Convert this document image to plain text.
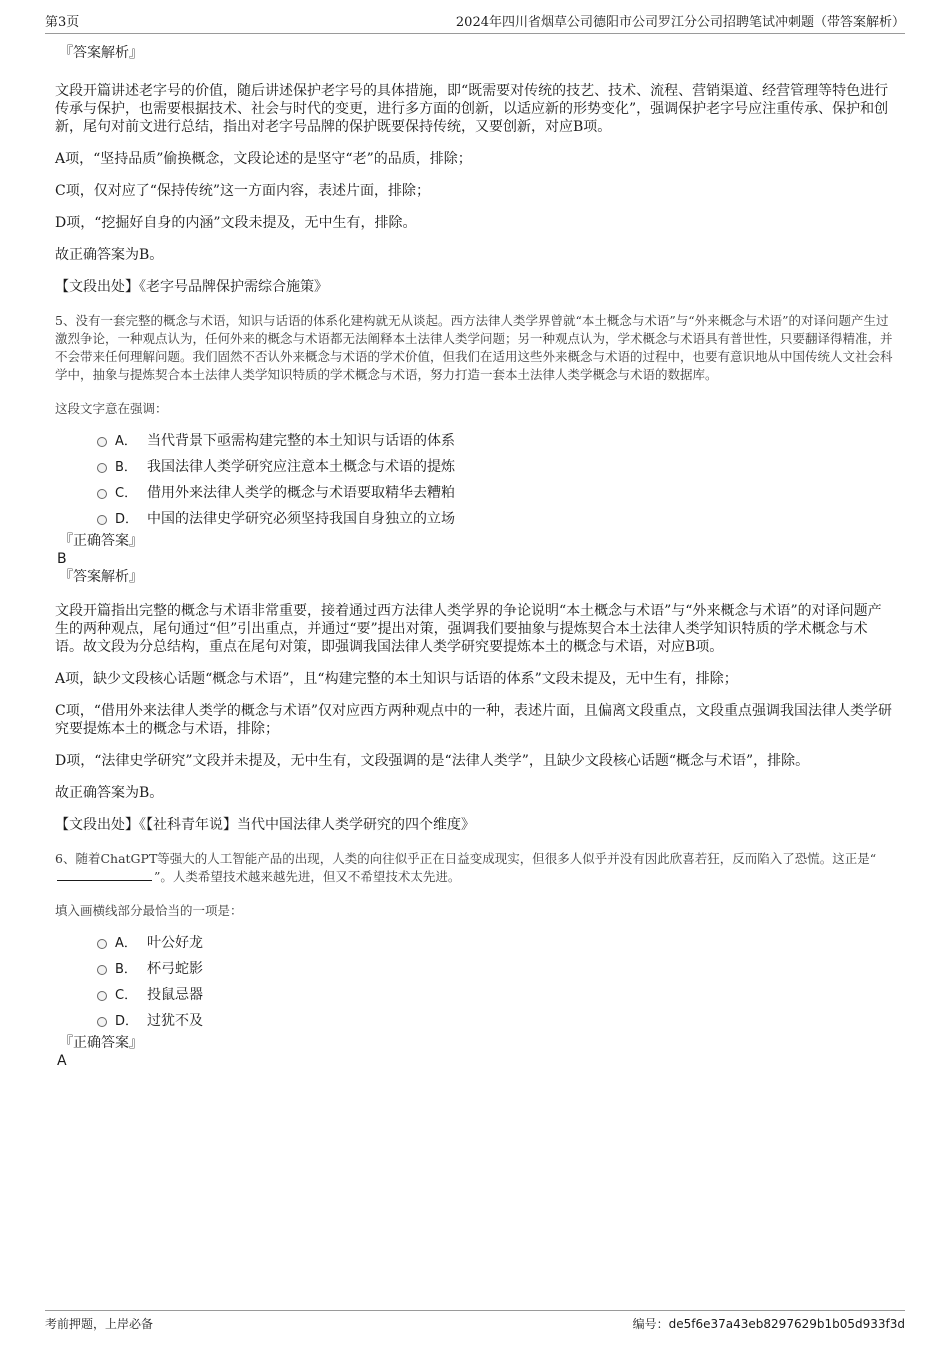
第3页	2024年四川省烟草公司德阳市公司罗江分公司招聘笔试冲刺题（带答案解析）

『答案解析』

文段开篇讲述老字号的价值，随后讲述保护老字号的具体措施，即“既需要对传统的技艺、技术、流程、营销渠道、经营管理等特色进行传承与保护，也需要根据技术、社会与时代的变更，进行多方面的创新，以适应新的形势变化”，强调保护老字号应注重传承、保护和创新，尾句对前文进行总结，指出对老字号品牌的保护既要保持传统，又要创新，对应B项。

A项，“坚持品质”偷换概念，文段论述的是坚守“老”的品质，排除；

C项，仅对应了“保持传统”这一方面内容，表述片面，排除；

D项，“挖掘好自身的内涵”文段未提及，无中生有，排除。

故正确答案为B。

【文段出处】《老字号品牌保护需综合施策》

5、没有一套完整的概念与术语，知识与话语的体系化建构就无从谈起。西方法律人类学界曾就“本土概念与术语”与“外来概念与术语”的对译问题产生过激烈争论，一种观点认为，任何外来的概念与术语都无法阐释本土法律人类学问题；另一种观点认为，学术概念与术语具有普世性，只要翻译得精准，并不会带来任何理解问题。我们固然不否认外来概念与术语的学术价值，但我们在适用这些外来概念与术语的过程中，也要有意识地从中国传统人文社会科学中，抽象与提炼契合本土法律人类学知识特质的学术概念与术语，努力打造一套本土法律人类学概念与术语的数据库。

这段文字意在强调：

A． 当代背景下亟需构建完整的本土知识与话语的体系
B． 我国法律人类学研究应注意本土概念与术语的提炼
C． 借用外来法律人类学的概念与术语要取精华去糟粕
D． 中国的法律史学研究必须坚持我国自身独立的立场

『正确答案』

B

『答案解析』

文段开篇指出完整的概念与术语非常重要，接着通过西方法律人类学界的争论说明“本土概念与术语”与“外来概念与术语”的对译问题产生的两种观点，尾句通过“但”引出重点，并通过“要”提出对策，强调我们要抽象与提炼契合本土法律人类学知识特质的学术概念与术语。故文段为分总结构，重点在尾句对策，即强调我国法律人类学研究要提炼本土的概念与术语，对应B项。

A项，缺少文段核心话题“概念与术语”，且“构建完整的本土知识与话语的体系”文段未提及，无中生有，排除；

C项，“借用外来法律人类学的概念与术语”仅对应西方两种观点中的一种，表述片面，且偏离文段重点，文段重点强调我国法律人类学研究要提炼本土的概念与术语，排除；

D项，“法律史学研究”文段并未提及，无中生有，文段强调的是“法律人类学”，且缺少文段核心话题“概念与术语”，排除。

故正确答案为B。

【文段出处】《【社科青年说】当代中国法律人类学研究的四个维度》

6、随着ChatGPT等强大的人工智能产品的出现，人类的向往似乎正在日益变成现实，但很多人似乎并没有因此欣喜若狂，反而陷入了恐慌。这正是“”。人类希望技术越来越先进，但又不希望技术太先进。

填入画横线部分最恰当的一项是：

A． 叶公好龙
B． 杯弓蛇影
C． 投鼠忌器
D． 过犹不及

『正确答案』

A

考前押题，上岸必备	编号：de5f6e37a43eb8297629b1b05d933f3d
